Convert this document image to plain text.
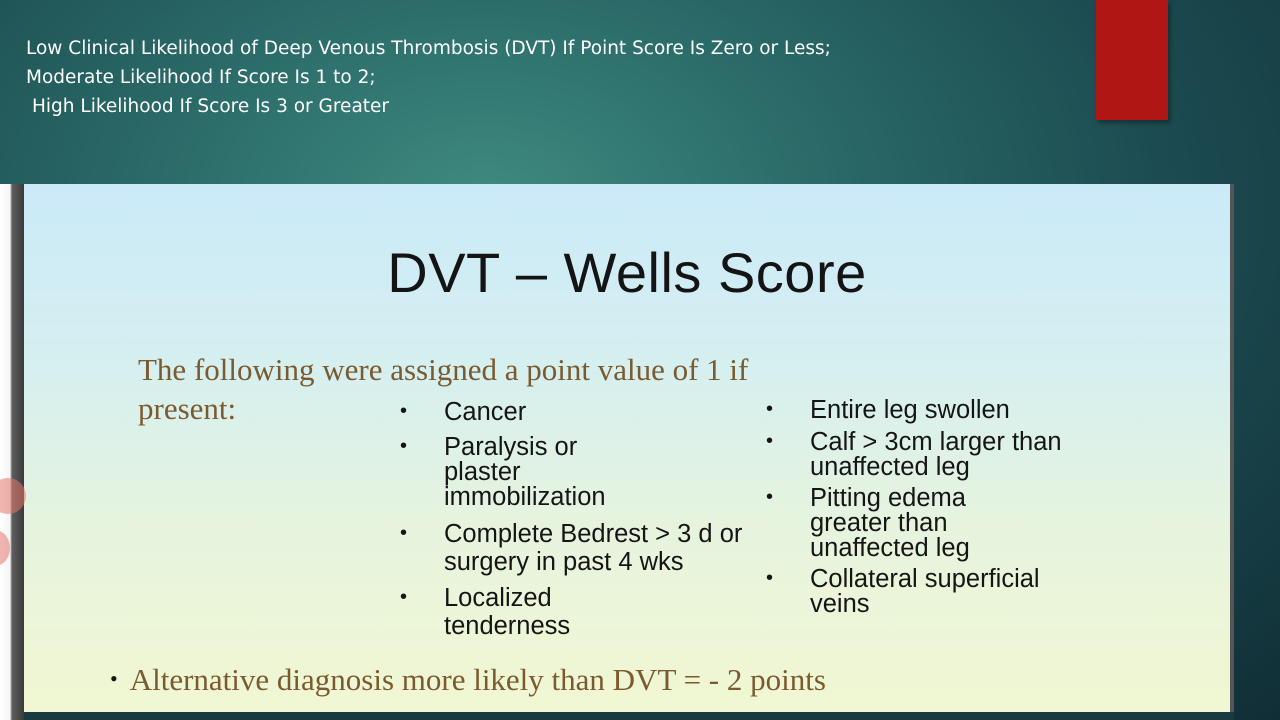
Low Clinical Likelihood of Deep Venous Thrombosis (DVT) If Point Score Is Zero or Less;
Moderate Likelihood If Score Is 1 to 2;
High Likelihood If Score Is 3 or Greater
DVT – Wells Score
The following were assigned a point value of 1 if
present:
•	Cancer
• Paralysis or plaster immobilization
• Complete Bedrest > 3 d or surgery in past 4 wks
• Localized tenderness
• Entire leg swollen
• Calf > 3cm larger than unaffected leg
• Pitting edema greater than unaffected leg
• Collateral superficial veins
• Alternative diagnosis more likely than DVT = - 2 points
